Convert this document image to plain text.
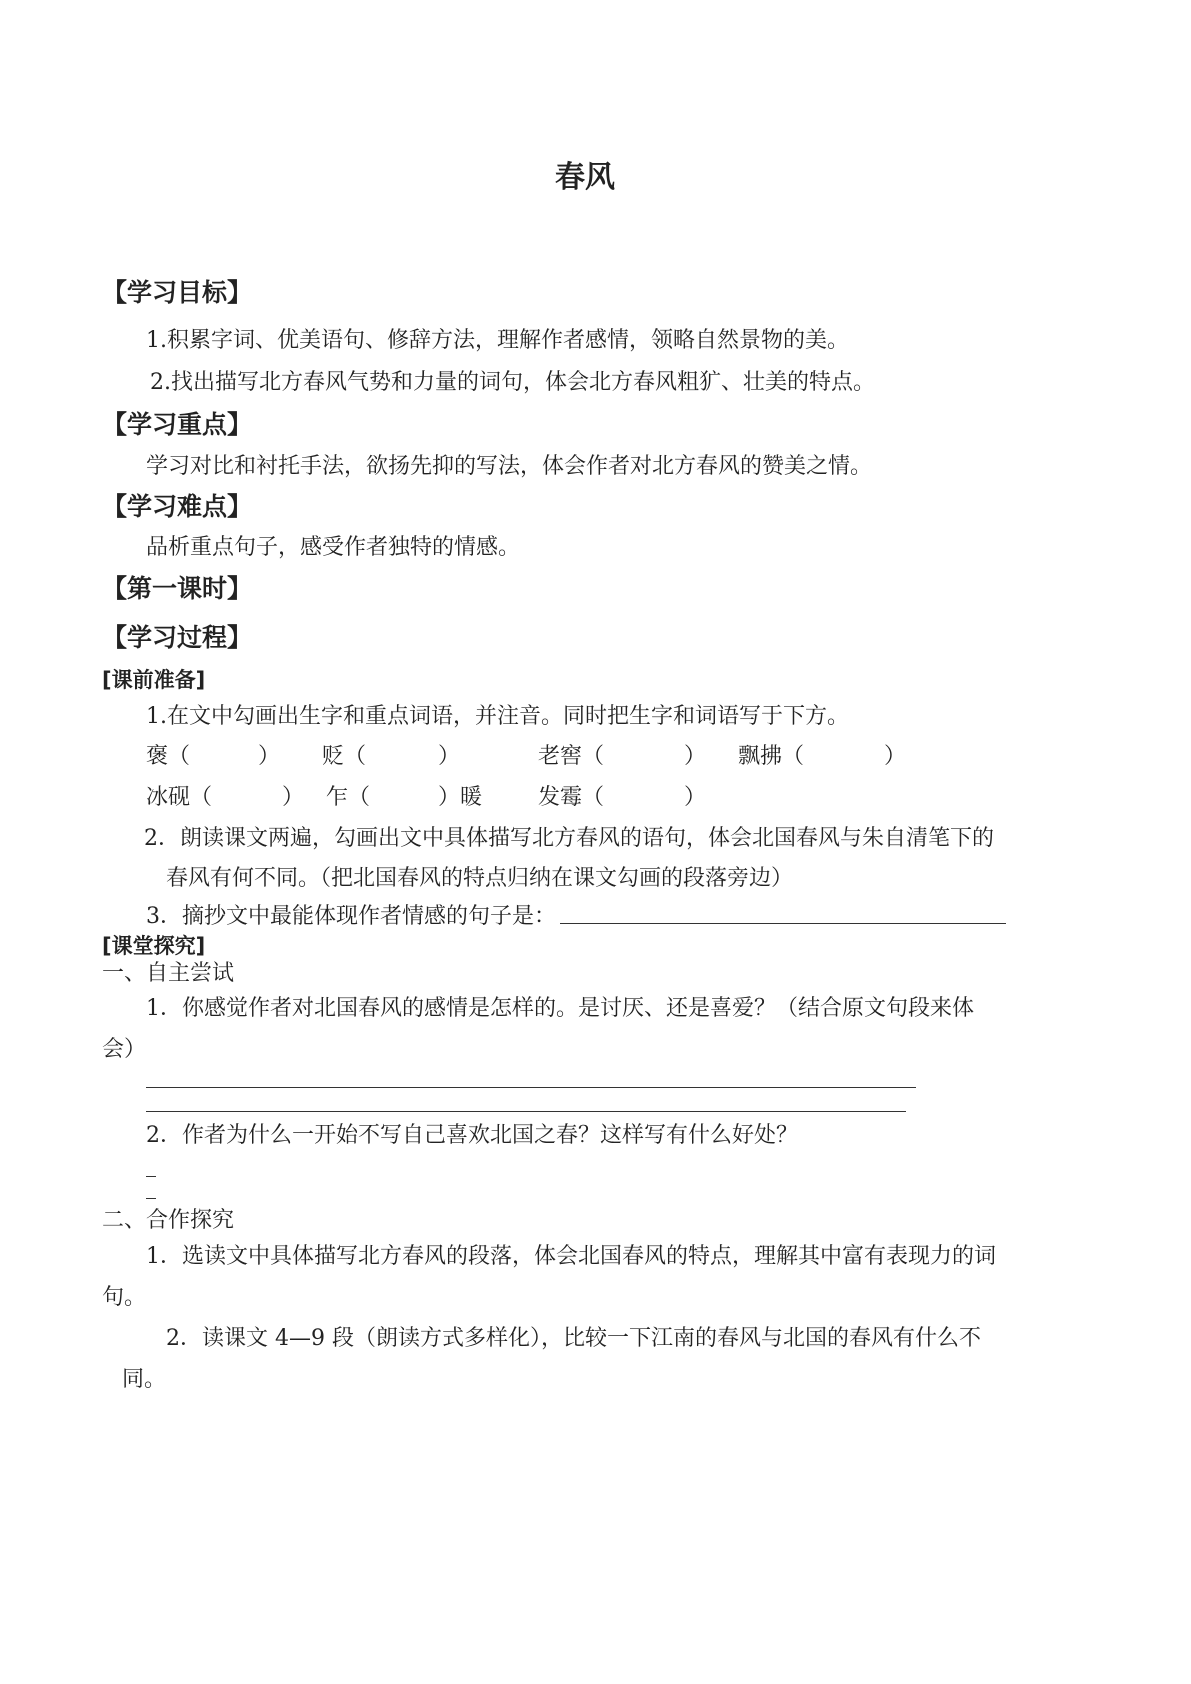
春风
【学习目标】
1.积累字词、优美语句、修辞方法，理解作者感情，领略自然景物的美。
2.找出描写北方春风气势和力量的词句，体会北方春风粗犷、壮美的特点。
【学习重点】
学习对比和衬托手法，欲扬先抑的写法，体会作者对北方春风的赞美之情。
【学习难点】
品析重点句子，感受作者独特的情感。
【第一课时】
【学习过程】
[课前准备]
1.在文中勾画出生字和重点词语，并注音。同时把生字和词语写于下方。
褒（	） 贬（	）	老窖（	） 飘拂（	）
冰砚（	） 乍（	）暖	发霉（	）
2．朗读课文两遍，勾画出文中具体描写北方春风的语句，体会北国春风与朱自清笔下的
春风有何不同。（把北国春风的特点归纳在课文勾画的段落旁边）
3．摘抄文中最能体现作者情感的句子是：
[课堂探究]
一、自主尝试
1．你感觉作者对北国春风的感情是怎样的。是讨厌、还是喜爱？（结合原文句段来体
会）
2．作者为什么一开始不写自己喜欢北国之春？这样写有什么好处？
二、合作探究
1．选读文中具体描写北方春风的段落，体会北国春风的特点，理解其中富有表现力的词
句。
2．读课文 4—9 段（朗读方式多样化），比较一下江南的春风与北国的春风有什么不
同。
